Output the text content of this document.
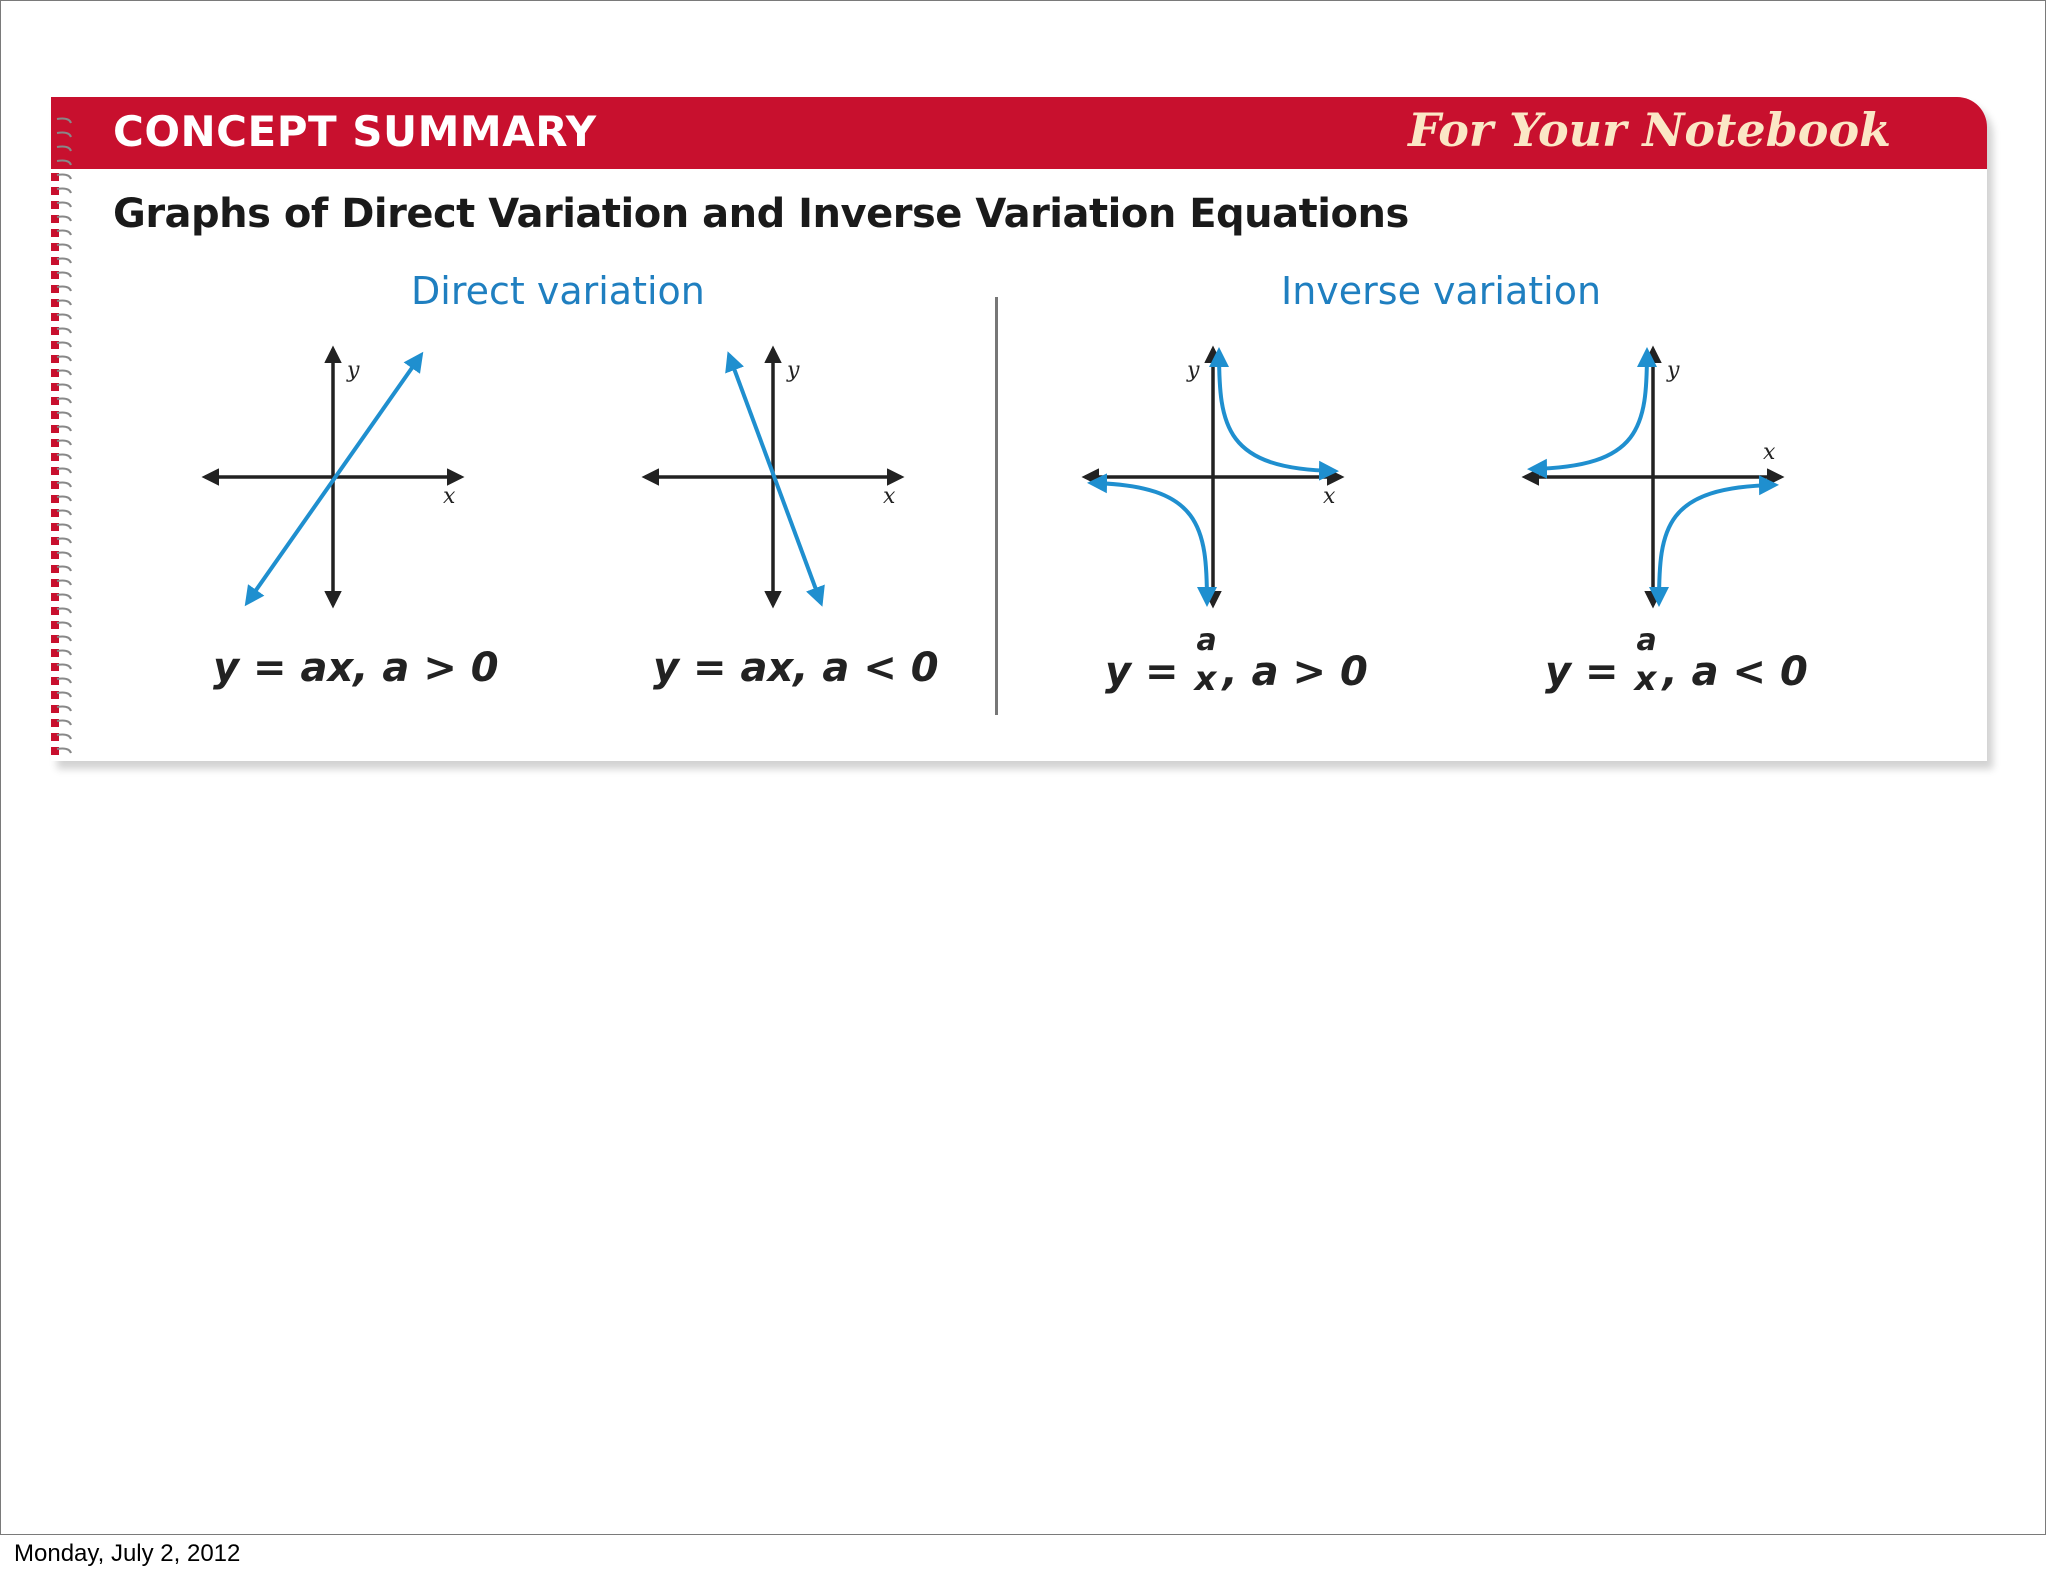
CONCEPT SUMMARY	For Your Notebook
Graphs of Direct Variation and Inverse Variation Equations
Direct variation	Inverse variation
x
y
x
y
x
y
x
y
y = ax, a > 0	y = ax, a < 0	y =
a
x , a > 0	y =
a
x , a < 0
Monday, July 2, 2012
